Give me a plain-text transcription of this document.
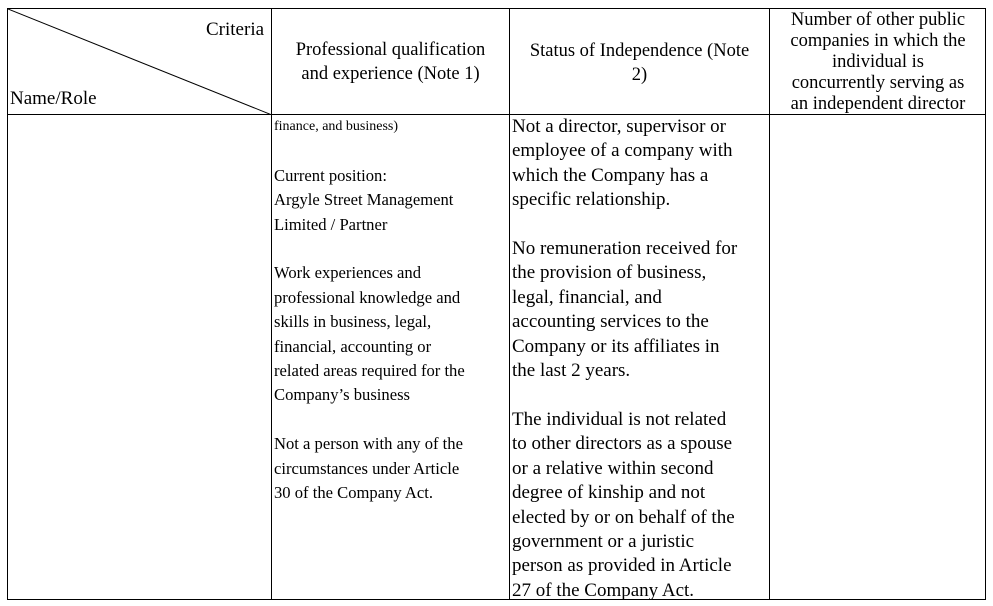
Criteria
Name/Role
Professional qualification
and experience (Note 1)
Status of Independence (Note
2)
Number of other public
companies in which the
individual is
concurrently serving as
an independent director

finance, and business)

Current position:
Argyle Street Management
Limited / Partner

Work experiences and
professional knowledge and
skills in business, legal,
financial, accounting or
related areas required for the
Company’s business

Not a person with any of the
circumstances under Article
30 of the Company Act.
Not a director, supervisor or
employee of a company with
which the Company has a
specific relationship.

No remuneration received for
the provision of business,
legal, financial, and
accounting services to the
Company or its affiliates in
the last 2 years.

The individual is not related
to other directors as a spouse
or a relative within second
degree of kinship and not
elected by or on behalf of the
government or a juristic
person as provided in Article
27 of the Company Act.
